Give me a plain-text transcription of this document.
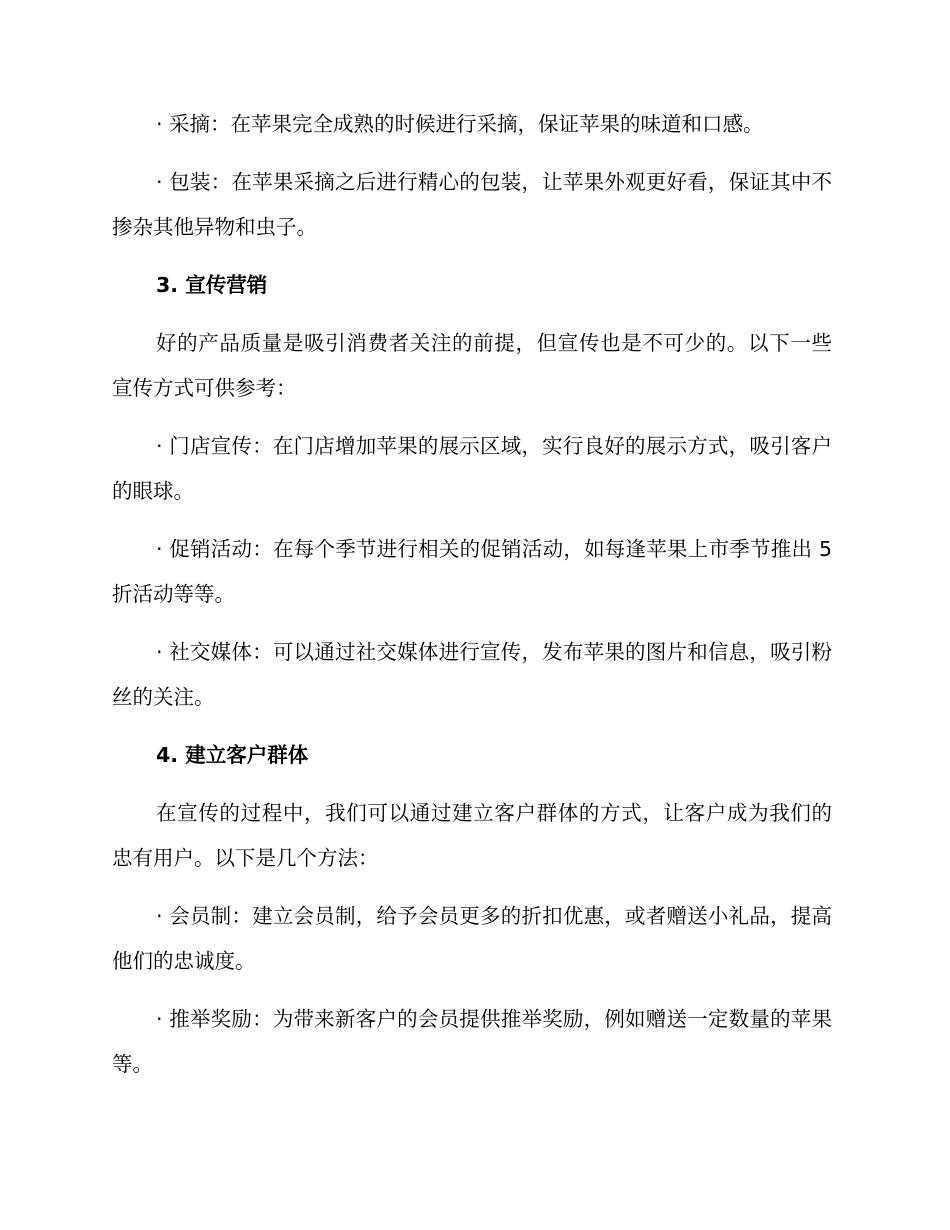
· 采摘：在苹果完全成熟的时候进行采摘，保证苹果的味道和口感。

· 包装：在苹果采摘之后进行精心的包装，让苹果外观更好看，保证其中不掺杂其他异物和虫子。

3. 宣传营销

好的产品质量是吸引消费者关注的前提，但宣传也是不可少的。以下一些宣传方式可供参考：

· 门店宣传：在门店增加苹果的展示区域，实行良好的展示方式，吸引客户的眼球。

· 促销活动：在每个季节进行相关的促销活动，如每逢苹果上市季节推出 5 折活动等等。

· 社交媒体：可以通过社交媒体进行宣传，发布苹果的图片和信息，吸引粉丝的关注。

4. 建立客户群体

在宣传的过程中，我们可以通过建立客户群体的方式，让客户成为我们的忠有用户。以下是几个方法：

· 会员制：建立会员制，给予会员更多的折扣优惠，或者赠送小礼品，提高他们的忠诚度。

· 推举奖励：为带来新客户的会员提供推举奖励，例如赠送一定数量的苹果等。
